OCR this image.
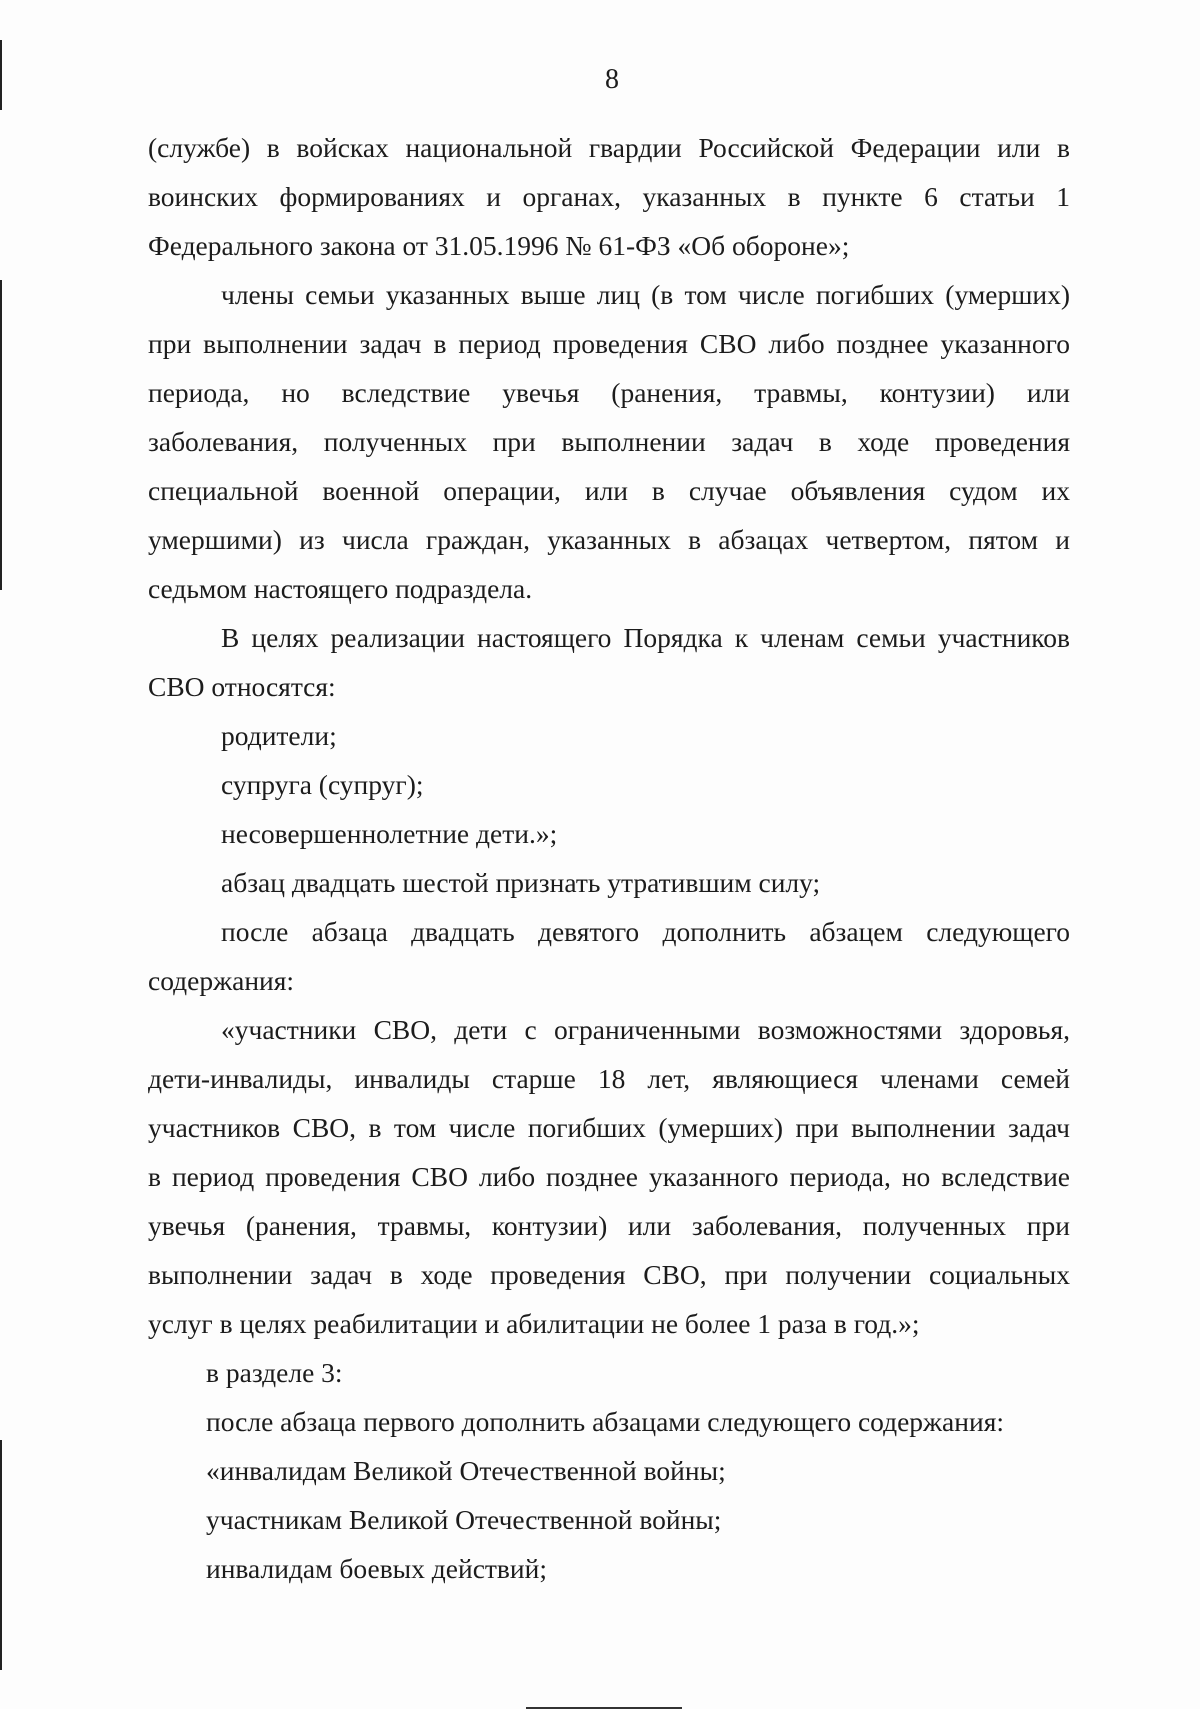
8
(службе) в войсках национальной гвардии Российской Федерации или в
воинских формированиях и органах, указанных в пункте 6 статьи 1
Федерального закона от 31.05.1996 № 61-ФЗ «Об обороне»;
члены семьи указанных выше лиц (в том числе погибших (умерших)
при выполнении задач в период проведения СВО либо позднее указанного
периода, но вследствие увечья (ранения, травмы, контузии) или
заболевания, полученных при выполнении задач в ходе проведения
специальной военной операции, или в случае объявления судом их
умершими) из числа граждан, указанных в абзацах четвертом, пятом и
седьмом настоящего подраздела.
В целях реализации настоящего Порядка к членам семьи участников
СВО относятся:
родители;
супруга (супруг);
несовершеннолетние дети.»;
абзац двадцать шестой признать утратившим силу;
после абзаца двадцать девятого дополнить абзацем следующего
содержания:
«участники СВО, дети с ограниченными возможностями здоровья,
дети-инвалиды, инвалиды старше 18 лет, являющиеся членами семей
участников СВО, в том числе погибших (умерших) при выполнении задач
в период проведения СВО либо позднее указанного периода, но вследствие
увечья (ранения, травмы, контузии) или заболевания, полученных при
выполнении задач в ходе проведения СВО, при получении социальных
услуг в целях реабилитации и абилитации не более 1 раза в год.»;
в разделе 3:
после абзаца первого дополнить абзацами следующего содержания:
«инвалидам Великой Отечественной войны;
участникам Великой Отечественной войны;
инвалидам боевых действий;
